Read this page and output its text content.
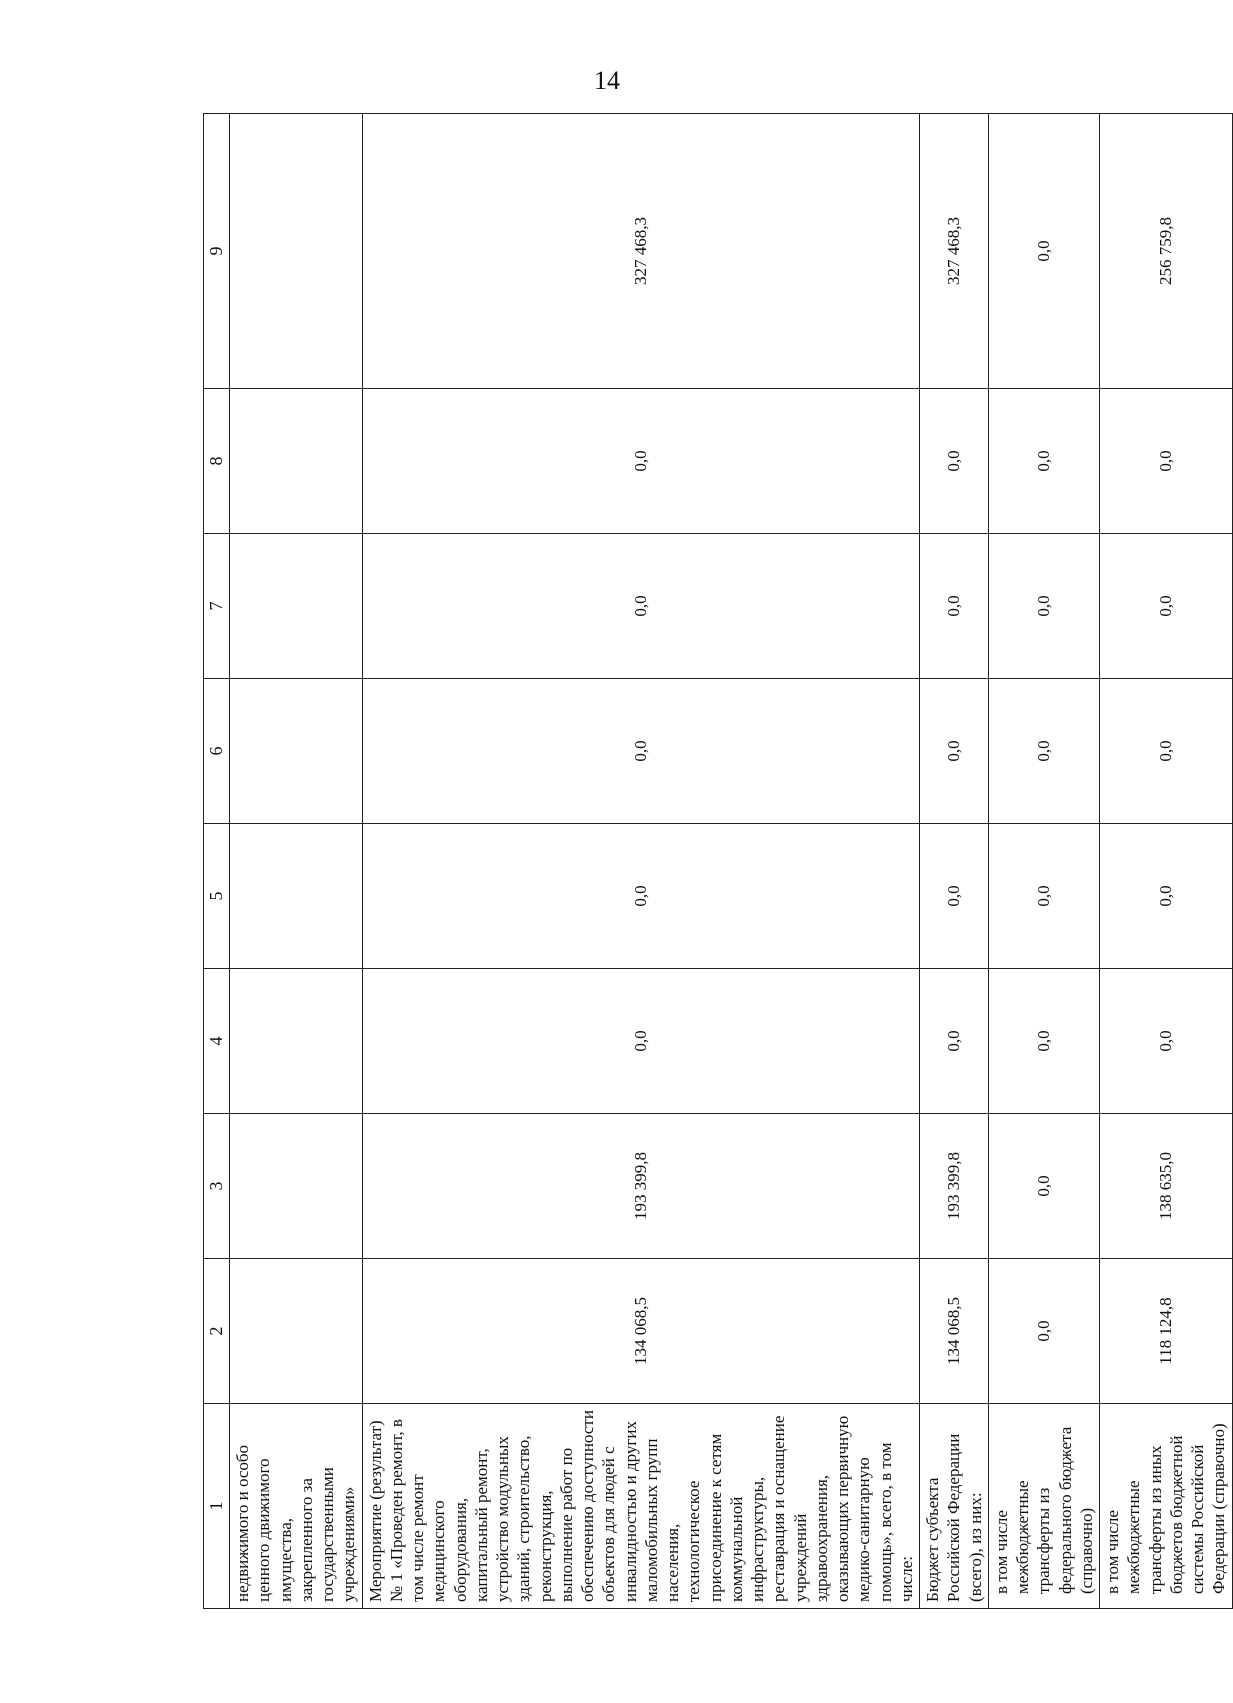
14
1	2	3	4	5	6	7	8	9
недвижимого и особо ценного движимого имущества, закрепленного за государственными учреждениями»								
Мероприятие (результат) № 1 «Проведен ремонт, в том числе ремонт медицинского оборудования, капитальный ремонт, устройство модульных зданий, строительство, реконструкция, выполнение работ по обеспечению доступности объектов для людей с инвалидностью и других маломобильных групп населения, технологическое присоединение к сетям коммунальной инфраструктуры, реставрация и оснащение учреждений здравоохранения, оказывающих первичную медико-санитарную помощь», всего, в том числе:	134 068,5	193 399,8	0,0	0,0	0,0	0,0	0,0	327 468,3
Бюджет субъекта Российской Федерации (всего), из них:	134 068,5	193 399,8	0,0	0,0	0,0	0,0	0,0	327 468,3
в том числе межбюджетные трансферты из федерального бюджета (справочно)	0,0	0,0	0,0	0,0	0,0	0,0	0,0	0,0
в том числе межбюджетные трансферты из иных бюджетов бюджетной системы Российской Федерации (справочно)	118 124,8	138 635,0	0,0	0,0	0,0	0,0	0,0	256 759,8
